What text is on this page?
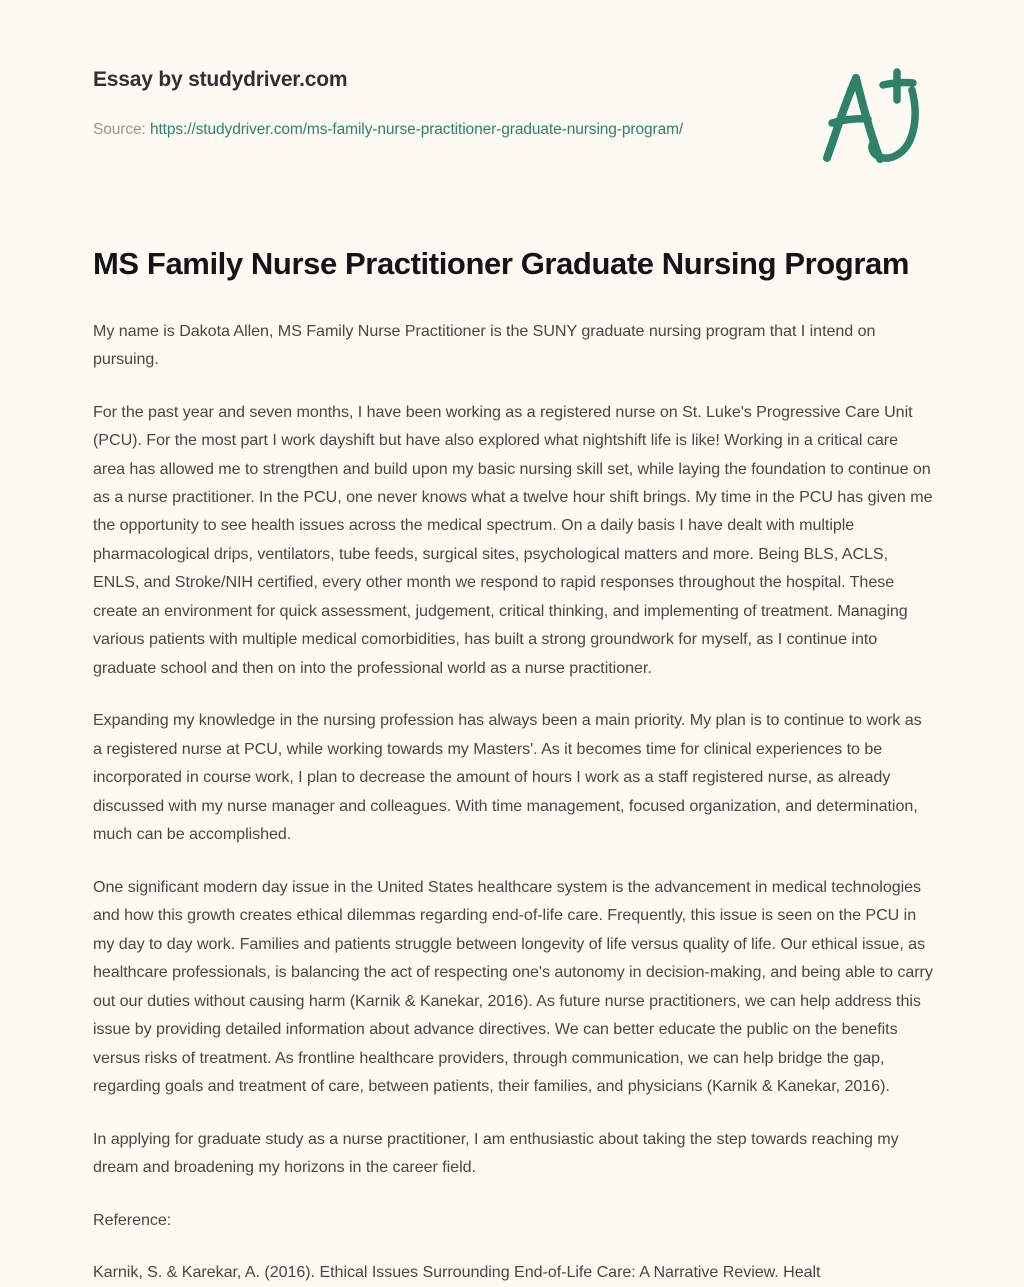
Essay by studydriver.com
Source: https://studydriver.com/ms-family-nurse-practitioner-graduate-nursing-program/
MS Family Nurse Practitioner Graduate Nursing Program

My name is Dakota Allen, MS Family Nurse Practitioner is the SUNY graduate nursing program that I intend on pursuing.

For the past year and seven months, I have been working as a registered nurse on St. Luke's Progressive Care Unit (PCU). For the most part I work dayshift but have also explored what nightshift life is like! Working in a critical care area has allowed me to strengthen and build upon my basic nursing skill set, while laying the foundation to continue on as a nurse practitioner. In the PCU, one never knows what a twelve hour shift brings. My time in the PCU has given me the opportunity to see health issues across the medical spectrum. On a daily basis I have dealt with multiple pharmacological drips, ventilators, tube feeds, surgical sites, psychological matters and more. Being BLS, ACLS, ENLS, and Stroke/NIH certified, every other month we respond to rapid responses throughout the hospital. These create an environment for quick assessment, judgement, critical thinking, and implementing of treatment. Managing various patients with multiple medical comorbidities, has built a strong groundwork for myself, as I continue into graduate school and then on into the professional world as a nurse practitioner.

Expanding my knowledge in the nursing profession has always been a main priority. My plan is to continue to work as a registered nurse at PCU, while working towards my Masters'. As it becomes time for clinical experiences to be incorporated in course work, I plan to decrease the amount of hours I work as a staff registered nurse, as already discussed with my nurse manager and colleagues. With time management, focused organization, and determination, much can be accomplished.

One significant modern day issue in the United States healthcare system is the advancement in medical technologies and how this growth creates ethical dilemmas regarding end-of-life care. Frequently, this issue is seen on the PCU in my day to day work. Families and patients struggle between longevity of life versus quality of life. Our ethical issue, as healthcare professionals, is balancing the act of respecting one's autonomy in decision-making, and being able to carry out our duties without causing harm (Karnik & Kanekar, 2016). As future nurse practitioners, we can help address this issue by providing detailed information about advance directives. We can better educate the public on the benefits versus risks of treatment. As frontline healthcare providers, through communication, we can help bridge the gap, regarding goals and treatment of care, between patients, their families, and physicians (Karnik & Kanekar, 2016).

In applying for graduate study as a nurse practitioner, I am enthusiastic about taking the step towards reaching my dream and broadening my horizons in the career field.

Reference:

Karnik, S. & Karekar, A. (2016). Ethical Issues Surrounding End-of-Life Care: A Narrative Review. Healt
